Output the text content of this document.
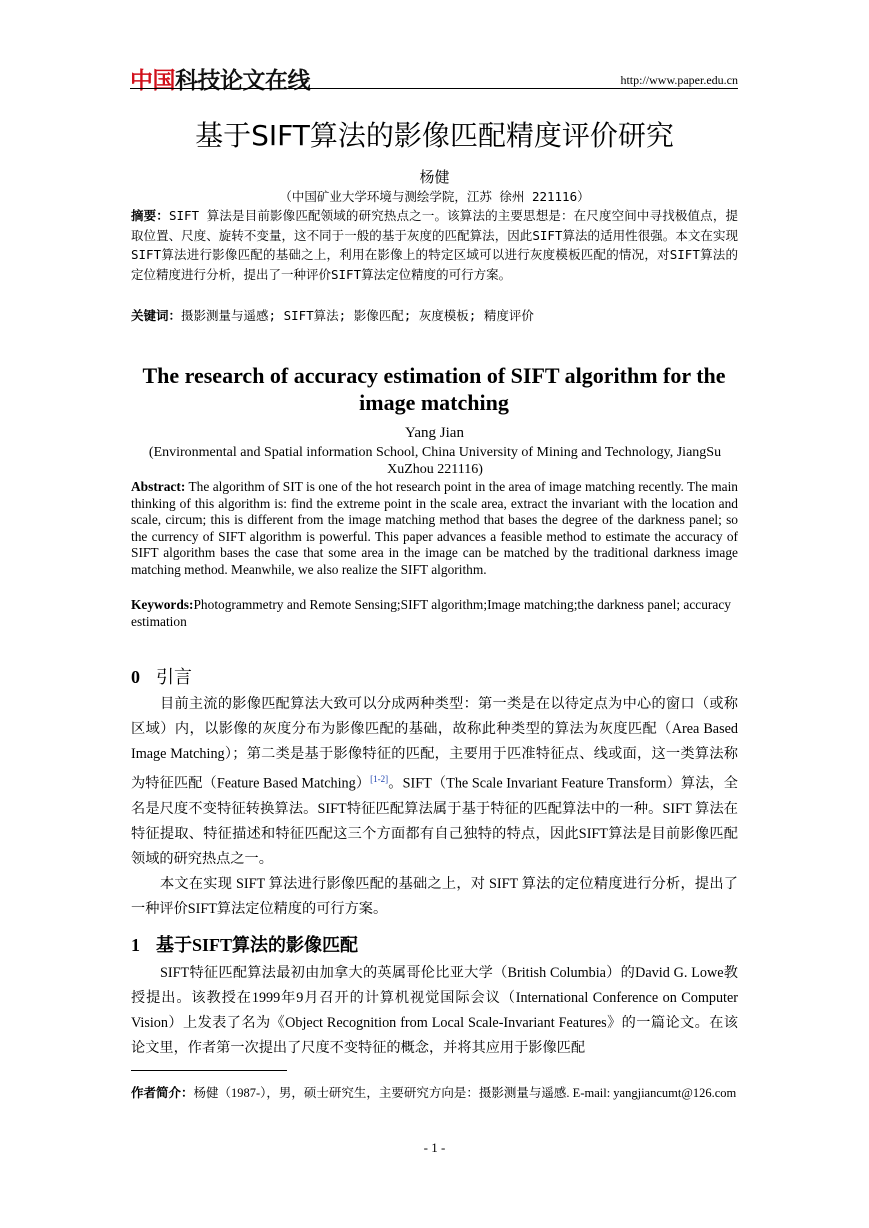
中国科技论文在线	http://www.paper.edu.cn
基于SIFT算法的影像匹配精度评价研究
杨健
（中国矿业大学环境与测绘学院，江苏 徐州 221116）
摘要：SIFT 算法是目前影像匹配领域的研究热点之一。该算法的主要思想是：在尺度空间中寻找极值点，提取位置、尺度、旋转不变量，这不同于一般的基于灰度的匹配算法，因此SIFT算法的适用性很强。本文在实现SIFT算法进行影像匹配的基础之上，利用在影像上的特定区域可以进行灰度模板匹配的情况，对SIFT算法的定位精度进行分析，提出了一种评价SIFT算法定位精度的可行方案。
关键词：摄影测量与遥感; SIFT算法; 影像匹配; 灰度模板; 精度评价
The research of accuracy estimation of SIFT algorithm for the image matching
Yang Jian
(Environmental and Spatial information School, China University of Mining and Technology, JiangSu XuZhou 221116)
Abstract: The algorithm of SIT is one of the hot research point in the area of image matching recently. The main thinking of this algorithm is: find the extreme point in the scale area, extract the invariant with the location and scale, circum; this is different from the image matching method that bases the degree of the darkness panel; so the currency of SIFT algorithm is powerful. This paper advances a feasible method to estimate the accuracy of SIFT algorithm bases the case that some area in the image can be matched by the traditional darkness image matching method. Meanwhile, we also realize the SIFT algorithm.
Keywords:Photogrammetry and Remote Sensing;SIFT algorithm;Image matching;the darkness panel; accuracy estimation
0 引言

目前主流的影像匹配算法大致可以分成两种类型：第一类是在以待定点为中心的窗口（或称区域）内，以影像的灰度分布为影像匹配的基础，故称此种类型的算法为灰度匹配（Area Based Image Matching）；第二类是基于影像特征的匹配，主要用于匹准特征点、线或面，这一类算法称为特征匹配（Feature Based Matching）[1-2]。SIFT（The Scale Invariant Feature Transform）算法，全名是尺度不变特征转换算法。SIFT特征匹配算法属于基于特征的匹配算法中的一种。SIFT 算法在特征提取、特征描述和特征匹配这三个方面都有自己独特的特点，因此SIFT算法是目前影像匹配领域的研究热点之一。

本文在实现 SIFT 算法进行影像匹配的基础之上，对 SIFT 算法的定位精度进行分析，提出了一种评价SIFT算法定位精度的可行方案。

1 基于SIFT算法的影像匹配

SIFT特征匹配算法最初由加拿大的英属哥伦比亚大学（British Columbia）的David G. Lowe教授提出。该教授在1999年9月召开的计算机视觉国际会议（International Conference on Computer Vision）上发表了名为《Object Recognition from Local Scale-Invariant Features》的一篇论文。在该论文里，作者第一次提出了尺度不变特征的概念，并将其应用于影像匹配

作者简介：杨健（1987-），男，硕士研究生，主要研究方向是：摄影测量与遥感. E-mail: yangjiancumt@126.com
- 1 -
